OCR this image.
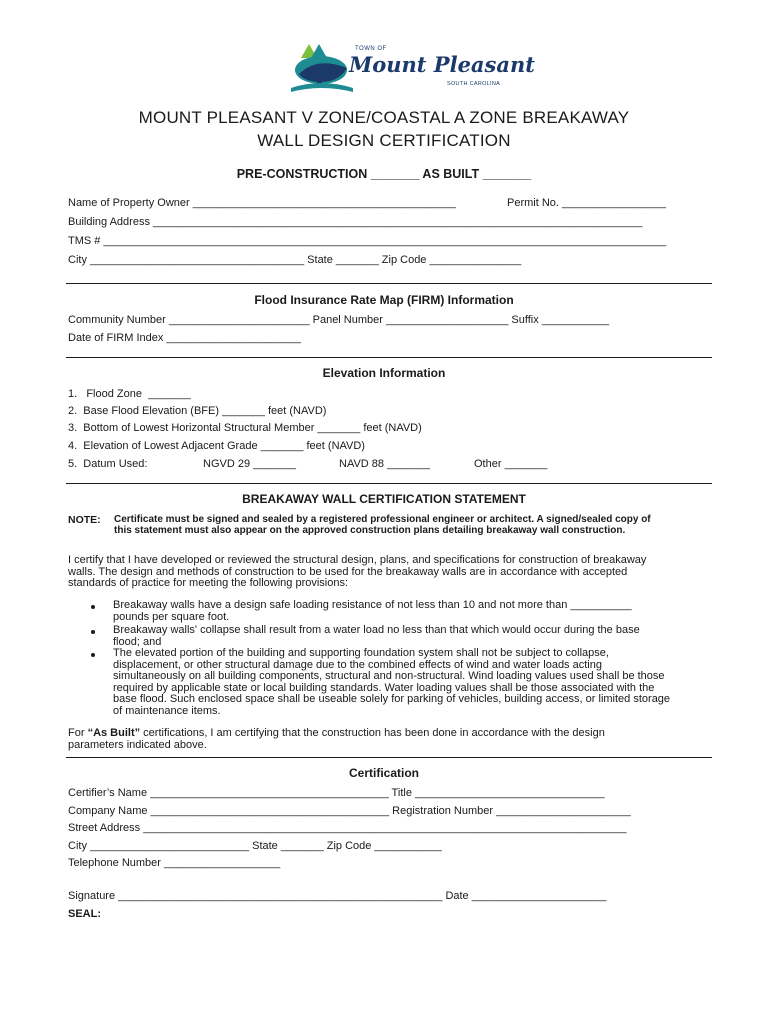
TOWN OF
Mount Pleasant
SOUTH CAROLINA
MOUNT PLEASANT V ZONE/COASTAL A ZONE BREAKAWAY
WALL DESIGN CERTIFICATION
PRE-CONSTRUCTION _______ AS BUILT _______
Name of Property Owner ___________________________________________	Permit No. _________________
Building Address ________________________________________________________________________________
TMS # ____________________________________________________________________________________________
City ___________________________________ State _______ Zip Code _______________
Flood Insurance Rate Map (FIRM) Information
Community Number _______________________ Panel Number ____________________ Suffix ___________
Date of FIRM Index ______________________
Elevation Information
1.   Flood Zone  _______
2.  Base Flood Elevation (BFE) _______ feet (NAVD)
3.  Bottom of Lowest Horizontal Structural Member _______ feet (NAVD)
4.  Elevation of Lowest Adjacent Grade _______ feet (NAVD)
5.  Datum Used:	NGVD 29 _______	NAVD 88 _______	Other _______
BREAKAWAY WALL CERTIFICATION STATEMENT
NOTE: Certificate must be signed and sealed by a registered professional engineer or architect. A signed/sealed copy of this statement must also appear on the approved construction plans detailing breakaway wall construction.
I certify that I have developed or reviewed the structural design, plans, and specifications for construction of breakaway walls. The design and methods of construction to be used for the breakaway walls are in accordance with accepted standards of practice for meeting the following provisions:
Breakaway walls have a design safe loading resistance of not less than 10 and not more than __________ pounds per square foot.
Breakaway walls' collapse shall result from a water load no less than that which would occur during the base flood; and
The elevated portion of the building and supporting foundation system shall not be subject to collapse, displacement, or other structural damage due to the combined effects of wind and water loads acting simultaneously on all building components, structural and non-structural. Wind loading values used shall be those required by applicable state or local building standards. Water loading values shall be those associated with the base flood. Such enclosed space shall be useable solely for parking of vehicles, building access, or limited storage of maintenance items.
For “As Built” certifications, I am certifying that the construction has been done in accordance with the design parameters indicated above.
Certification
Certifier’s Name _______________________________________ Title _______________________________
Company Name _______________________________________ Registration Number ______________________
Street Address _______________________________________________________________________________
City __________________________ State _______ Zip Code ___________
Telephone Number ___________________
Signature _____________________________________________________ Date ______________________
SEAL:
